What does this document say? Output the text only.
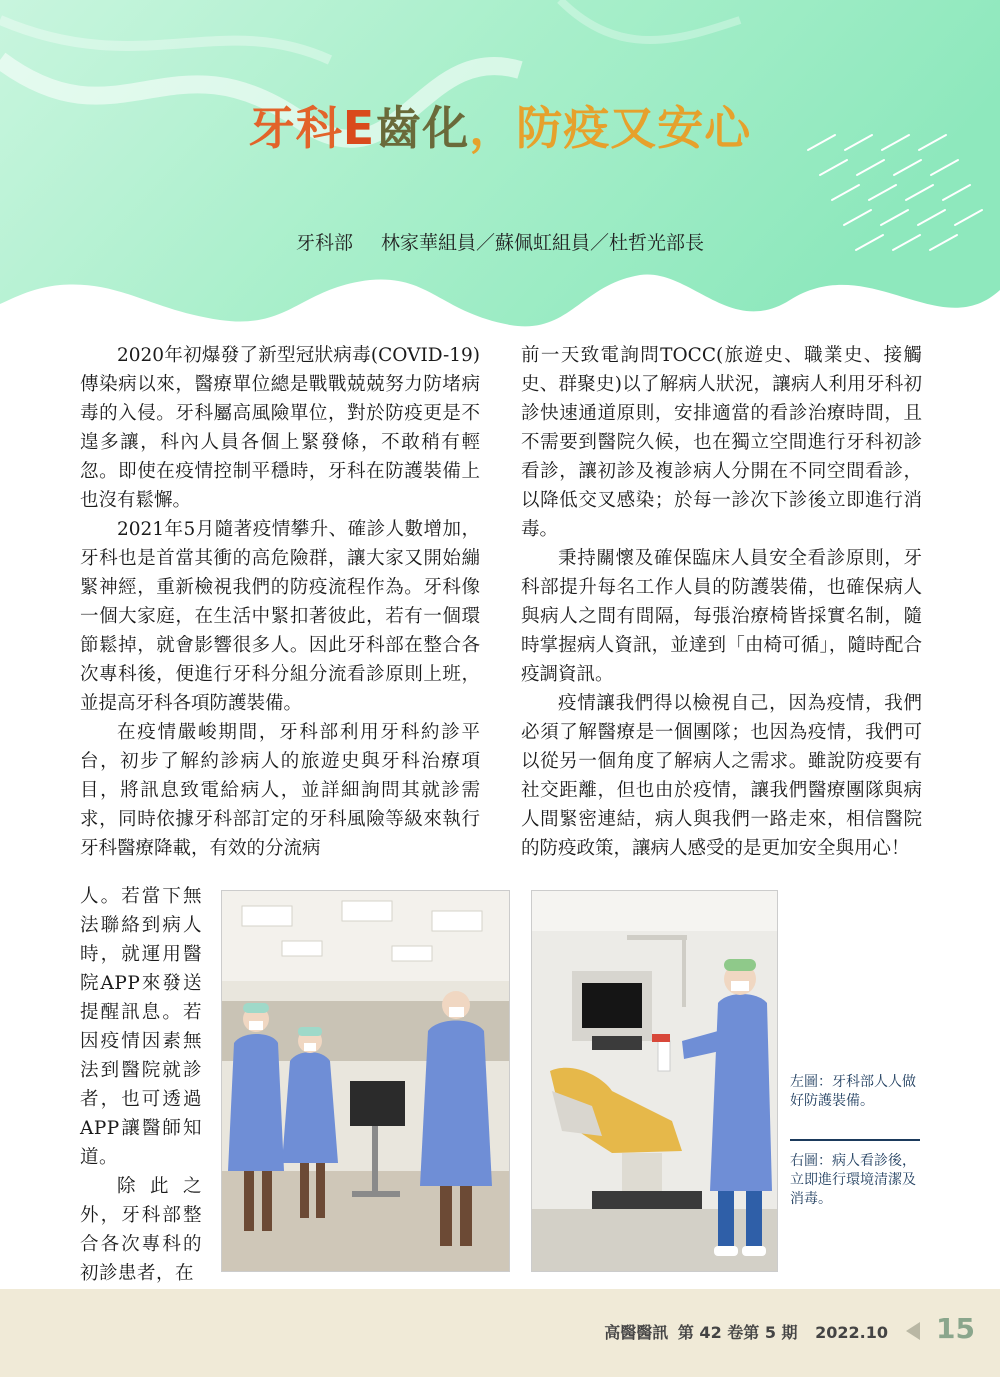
牙科E齒化，防疫又安心
牙科部 林家華組員／蘇佩虹組員／杜哲光部長

2020年初爆發了新型冠狀病毒(COVID-19)傳染病以來，醫療單位總是戰戰兢兢努力防堵病毒的入侵。牙科屬高風險單位，對於防疫更是不遑多讓，科內人員各個上緊發條，不敢稍有輕忽。即使在疫情控制平穩時，牙科在防護裝備上也沒有鬆懈。

2021年5月隨著疫情攀升、確診人數增加，牙科也是首當其衝的高危險群，讓大家又開始繃緊神經，重新檢視我們的防疫流程作為。牙科像一個大家庭，在生活中緊扣著彼此，若有一個環節鬆掉，就會影響很多人。因此牙科部在整合各次專科後，便進行牙科分組分流看診原則上班，並提高牙科各項防護裝備。

在疫情嚴峻期間，牙科部利用牙科約診平台，初步了解約診病人的旅遊史與牙科治療項目，將訊息致電給病人，並詳細詢問其就診需求，同時依據牙科部訂定的牙科風險等級來執行牙科醫療降載，有效的分流病

人。若當下無法聯絡到病人時，就運用醫院APP來發送提醒訊息。若因疫情因素無法到醫院就診者，也可透過APP讓醫師知道。

除此之外，牙科部整合各次專科的初診患者，在

前一天致電詢問TOCC(旅遊史、職業史、接觸史、群聚史)以了解病人狀況，讓病人利用牙科初診快速通道原則，安排適當的看診治療時間，且不需要到醫院久候，也在獨立空間進行牙科初診看診，讓初診及複診病人分開在不同空間看診，以降低交叉感染；於每一診次下診後立即進行消毒。

秉持關懷及確保臨床人員安全看診原則，牙科部提升每名工作人員的防護裝備，也確保病人與病人之間有間隔，每張治療椅皆採實名制，隨時掌握病人資訊，並達到「由椅可循」，隨時配合疫調資訊。

疫情讓我們得以檢視自己，因為疫情，我們必須了解醫療是一個團隊；也因為疫情，我們可以從另一個角度了解病人之需求。雖說防疫要有社交距離，但也由於疫情，讓我們醫療團隊與病人間緊密連結，病人與我們一路走來，相信醫院的防疫政策，讓病人感受的是更加安全與用心！

左圖：牙科部人人做好防護裝備。
右圖：病人看診後，立即進行環境清潔及消毒。
高醫醫訊 第 42 卷第 5 期 2022.10 15
